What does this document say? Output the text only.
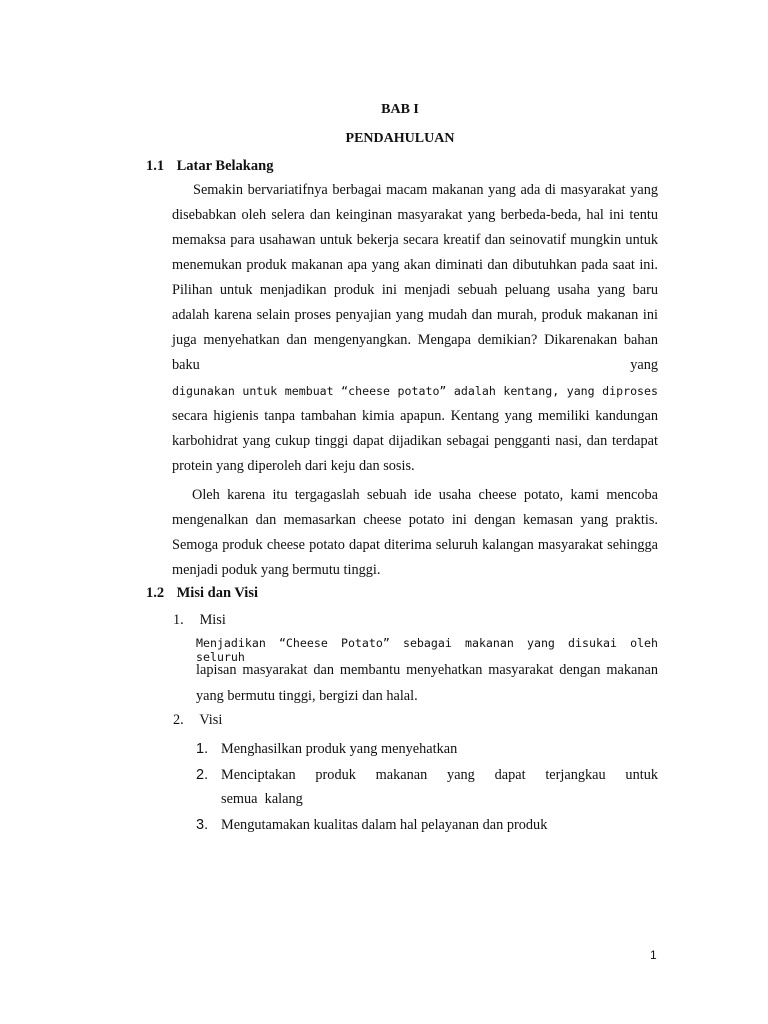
BAB I
PENDAHULUAN
1.1 Latar Belakang
Semakin bervariatifnya berbagai macam makanan yang ada di masyarakat yang disebabkan oleh selera dan keinginan masyarakat yang berbeda-beda, hal ini tentu memaksa para usahawan untuk bekerja secara kreatif dan seinovatif mungkin untuk menemukan produk makanan apa yang akan diminati dan dibutuhkan pada saat ini. Pilihan untuk menjadikan produk ini menjadi sebuah peluang usaha yang baru adalah karena selain proses penyajian yang mudah dan murah, produk makanan ini juga menyehatkan dan mengenyangkan. Mengapa demikian? Dikarenakan bahan baku yang
digunakan untuk membuat “cheese potato” adalah kentang, yang diproses
secara higienis tanpa tambahan kimia apapun. Kentang yang memiliki kandungan karbohidrat yang cukup tinggi dapat dijadikan sebagai pengganti nasi, dan terdapat protein yang diperoleh dari keju dan sosis.
Oleh karena itu tergagaslah sebuah ide usaha cheese potato, kami mencoba mengenalkan dan memasarkan cheese potato ini dengan kemasan yang praktis. Semoga produk cheese potato dapat diterima seluruh kalangan masyarakat sehingga menjadi poduk yang bermutu tinggi.
1.2 Misi dan Visi
1. Misi
Menjadikan “Cheese Potato” sebagai makanan yang disukai oleh seluruh
lapisan masyarakat dan membantu menyehatkan masyarakat dengan makanan yang bermutu tinggi, bergizi dan halal.
2. Visi
1. Menghasilkan produk yang menyehatkan
2. Menciptakan produk makanan yang dapat terjangkau untuk
semua  kalang
3. Mengutamakan kualitas dalam hal pelayanan dan produk
1
